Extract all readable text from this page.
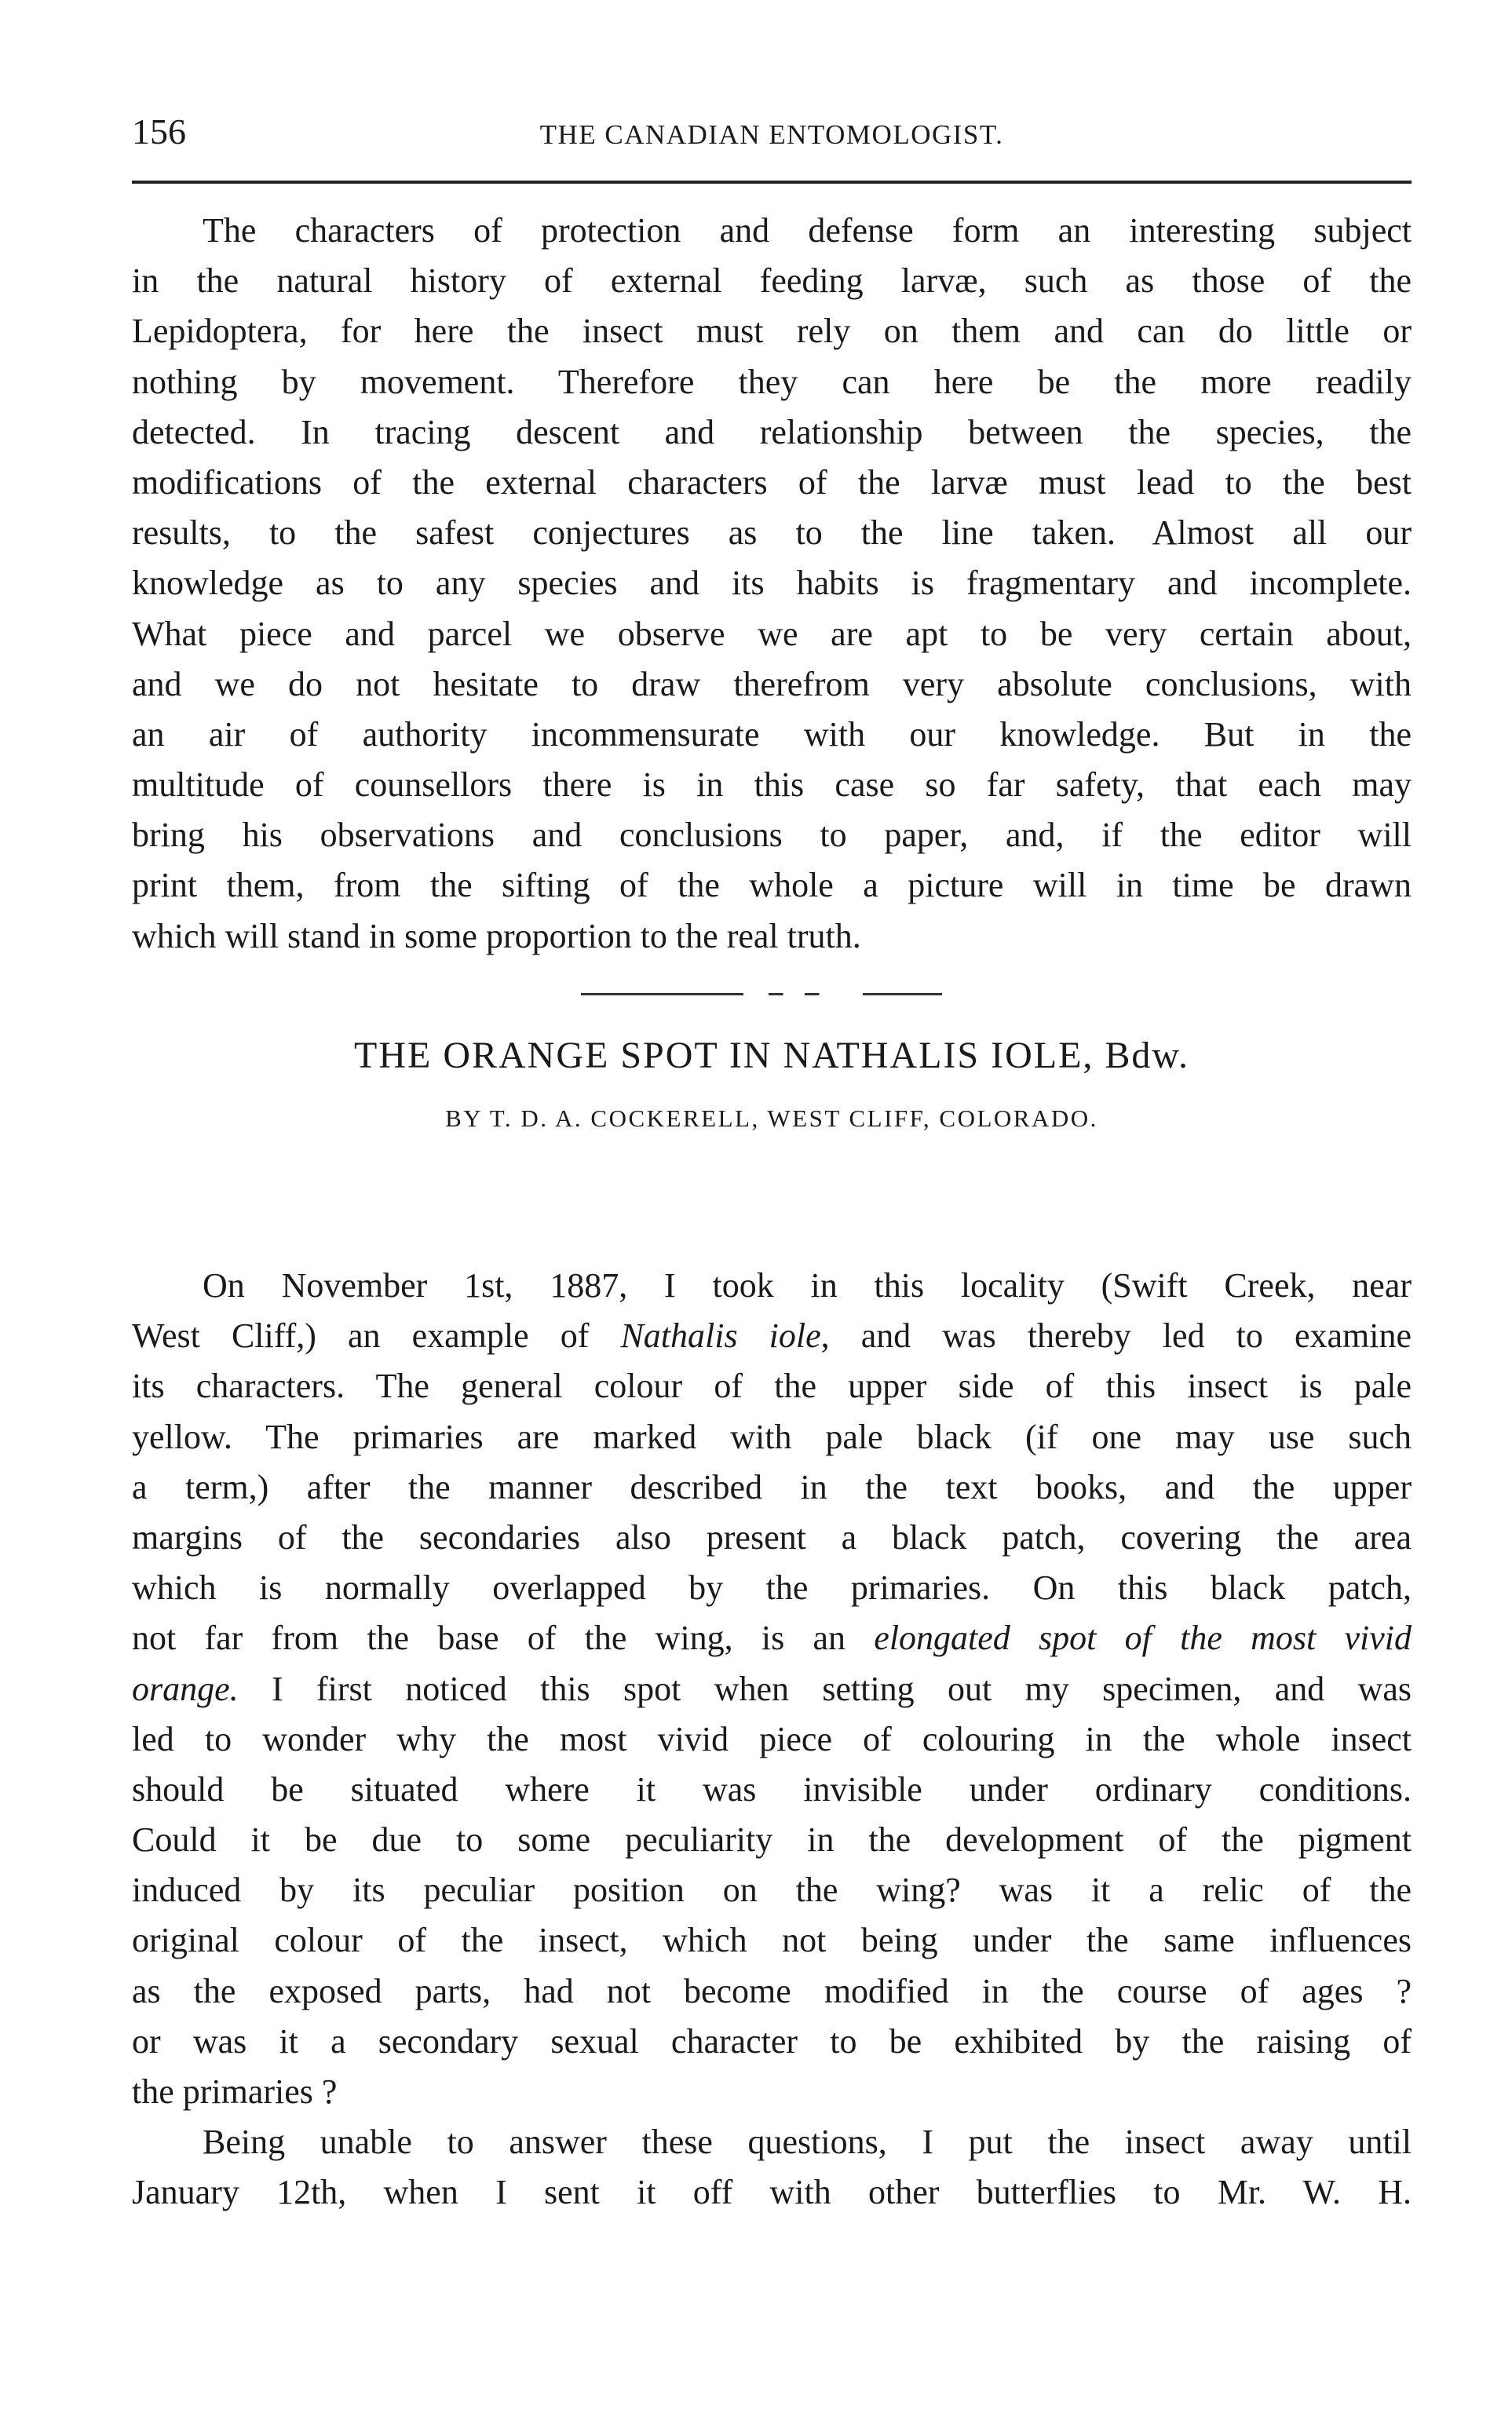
156	THE CANADIAN ENTOMOLOGIST.
The characters of protection and defense form an interesting subject
in the natural history of external feeding larvæ, such as those of the
Lepidoptera, for here the insect must rely on them and can do little or
nothing by movement. Therefore they can here be the more readily
detected. In tracing descent and relationship between the species, the
modifications of the external characters of the larvæ must lead to the best
results, to the safest conjectures as to the line taken. Almost all our
knowledge as to any species and its habits is fragmentary and incomplete.
What piece and parcel we observe we are apt to be very certain about,
and we do not hesitate to draw therefrom very absolute conclusions, with
an air of authority incommensurate with our knowledge. But in the
multitude of counsellors there is in this case so far safety, that each may
bring his observations and conclusions to paper, and, if the editor will
print them, from the sifting of the whole a picture will in time be drawn
which will stand in some proportion to the real truth.
THE ORANGE SPOT IN NATHALIS IOLE, Bdw.
BY T. D. A. COCKERELL, WEST CLIFF, COLORADO.
On November 1st, 1887, I took in this locality (Swift Creek, near
West Cliff,) an example of Nathalis iole, and was thereby led to examine
its characters. The general colour of the upper side of this insect is pale
yellow. The primaries are marked with pale black (if one may use such
a term,) after the manner described in the text books, and the upper
margins of the secondaries also present a black patch, covering the area
which is normally overlapped by the primaries. On this black patch,
not far from the base of the wing, is an elongated spot of the most vivid
orange. I first noticed this spot when setting out my specimen, and was
led to wonder why the most vivid piece of colouring in the whole insect
should be situated where it was invisible under ordinary conditions.
Could it be due to some peculiarity in the development of the pigment
induced by its peculiar position on the wing? was it a relic of the
original colour of the insect, which not being under the same influences
as the exposed parts, had not become modified in the course of ages ?
or was it a secondary sexual character to be exhibited by the raising of
the primaries ?
Being unable to answer these questions, I put the insect away until
January 12th, when I sent it off with other butterflies to Mr. W. H.
